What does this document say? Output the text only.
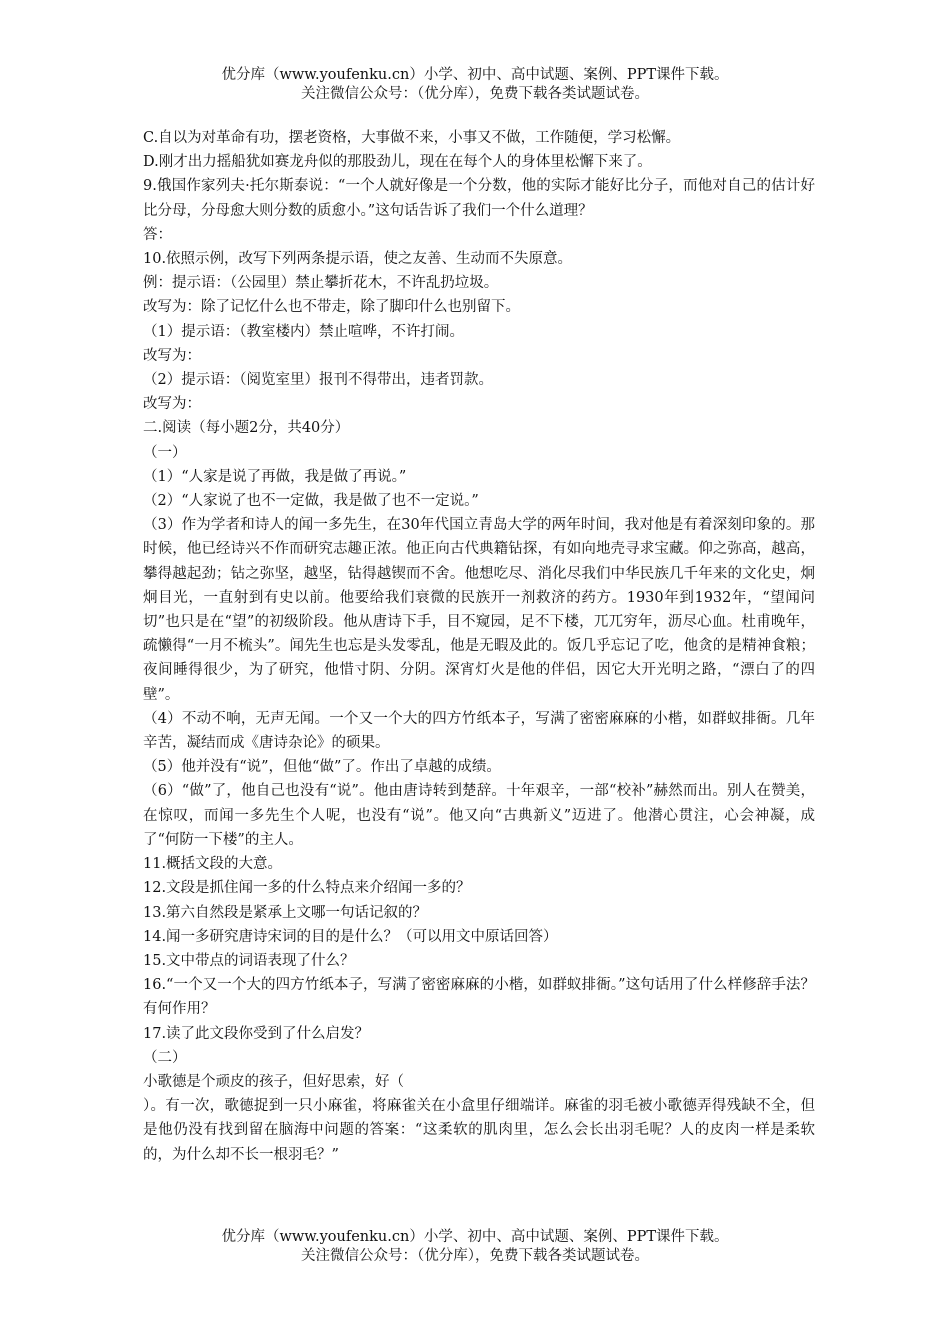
优分库（www.youfenku.cn）小学、初中、高中试题、案例、PPT课件下载。
关注微信公众号：（优分库），免费下载各类试题试卷。

C.自以为对革命有功，摆老资格，大事做不来，小事又不做，工作随便，学习松懈。

D.刚才出力摇船犹如赛龙舟似的那股劲儿，现在在每个人的身体里松懈下来了。

9.俄国作家列夫·托尔斯泰说：“一个人就好像是一个分数，他的实际才能好比分子，而他对自己的估计好比分母，分母愈大则分数的质愈小。”这句话告诉了我们一个什么道理？

答：

10.依照示例，改写下列两条提示语，使之友善、生动而不失原意。

例：提示语：（公园里）禁止攀折花木，不许乱扔垃圾。

改写为：除了记忆什么也不带走，除了脚印什么也别留下。

（1）提示语：（教室楼内）禁止喧哗，不许打闹。

改写为：

（2）提示语：（阅览室里）报刊不得带出，违者罚款。

改写为：

二.阅读（每小题2分，共40分）

（一）

（1）“人家是说了再做，我是做了再说。”

（2）“人家说了也不一定做，我是做了也不一定说。”

（3）作为学者和诗人的闻一多先生，在30年代国立青岛大学的两年时间，我对他是有着深刻印象的。那时候，他已经诗兴不作而研究志趣正浓。他正向古代典籍钻探，有如向地壳寻求宝藏。仰之弥高，越高，攀得越起劲；钻之弥坚，越坚，钻得越锲而不舍。他想吃尽、消化尽我们中华民族几千年来的文化史，炯炯目光，一直射到有史以前。他要给我们衰微的民族开一剂救济的药方。1930年到1932年，“望闻问切”也只是在“望”的初级阶段。他从唐诗下手，目不窥园，足不下楼，兀兀穷年，沥尽心血。杜甫晚年，疏懒得“一月不梳头”。闻先生也忘是头发零乱，他是无暇及此的。饭几乎忘记了吃，他贪的是精神食粮；夜间睡得很少，为了研究，他惜寸阴、分阴。深宵灯火是他的伴侣，因它大开光明之路，“漂白了的四壁”。

（4）不动不响，无声无闻。一个又一个大的四方竹纸本子，写满了密密麻麻的小楷，如群蚁排衙。几年辛苦，凝结而成《唐诗杂论》的硕果。

（5）他并没有“说”，但他“做”了。作出了卓越的成绩。

（6）“做”了，他自己也没有“说”。他由唐诗转到楚辞。十年艰辛，一部“校补”赫然而出。别人在赞美，在惊叹，而闻一多先生个人呢，也没有“说”。他又向“古典新义”迈进了。他潜心贯注，心会神凝，成了“何防一下楼”的主人。

11.概括文段的大意。

12.文段是抓住闻一多的什么特点来介绍闻一多的？

13.第六自然段是紧承上文哪一句话记叙的？

14.闻一多研究唐诗宋词的目的是什么？（可以用文中原话回答）

15.文中带点的词语表现了什么？

16.“一个又一个大的四方竹纸本子，写满了密密麻麻的小楷，如群蚁排衙。”这句话用了什么样修辞手法？有何作用？

17.读了此文段你受到了什么启发？

（二）

小歌德是个顽皮的孩子，但好思索，好（

）。有一次，歌德捉到一只小麻雀，将麻雀关在小盒里仔细端详。麻雀的羽毛被小歌德弄得残缺不全，但是他仍没有找到留在脑海中问题的答案：“这柔软的肌肉里，怎么会长出羽毛呢？人的皮肉一样是柔软的，为什么却不长一根羽毛？”

优分库（www.youfenku.cn）小学、初中、高中试题、案例、PPT课件下载。
关注微信公众号：（优分库），免费下载各类试题试卷。
